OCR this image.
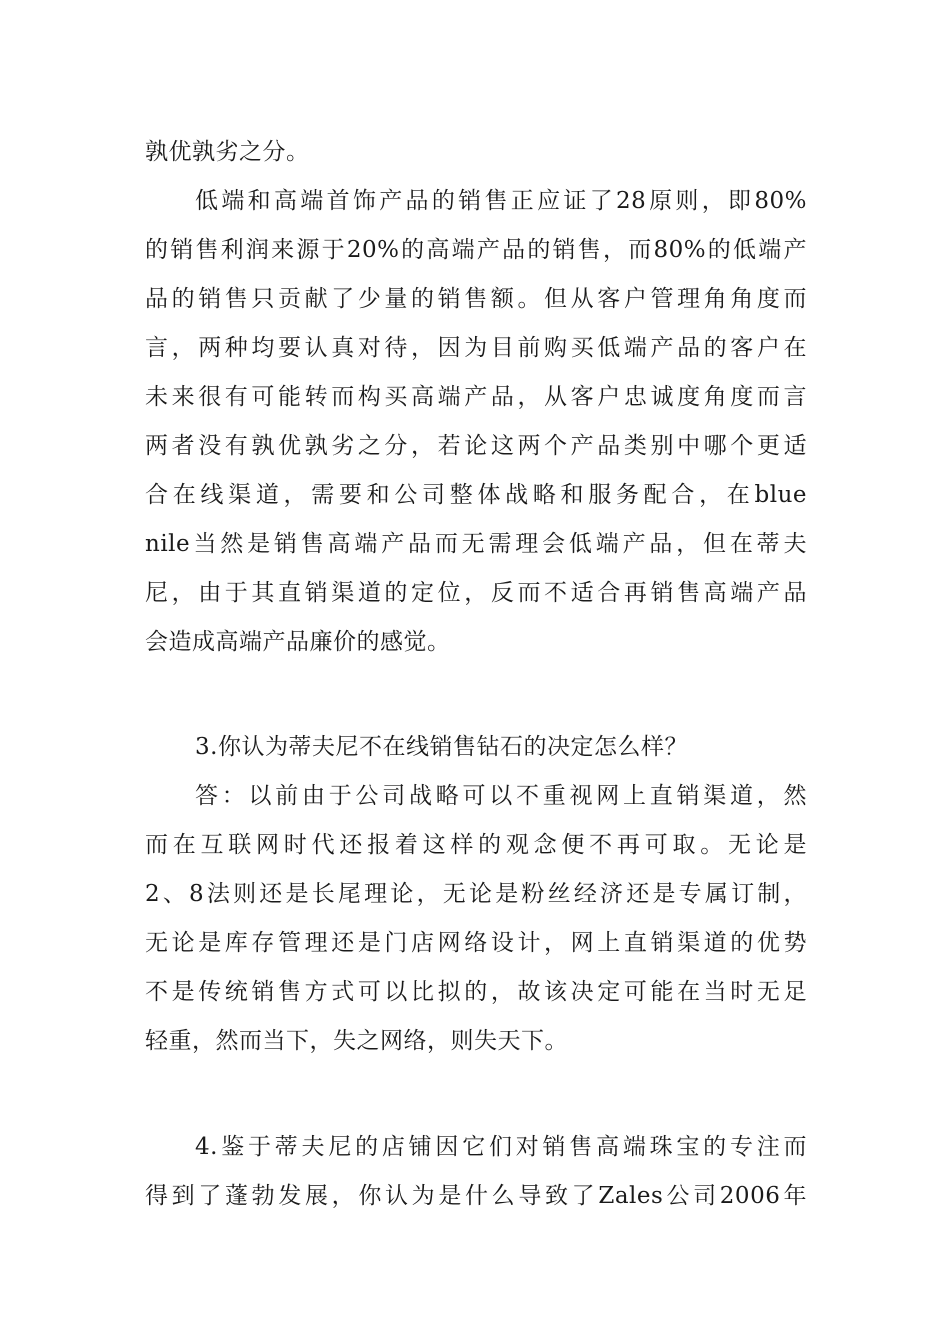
孰优孰劣之分。
低端和高端首饰产品的销售正应证了28原则，即80%
的销售利润来源于20%的高端产品的销售，而80%的低端产
品的销售只贡献了少量的销售额。但从客户管理角角度而
言，两种均要认真对待，因为目前购买低端产品的客户在
未来很有可能转而构买高端产品，从客户忠诚度角度而言
两者没有孰优孰劣之分，若论这两个产品类别中哪个更适
合在线渠道，需要和公司整体战略和服务配合，在blue
nile当然是销售高端产品而无需理会低端产品，但在蒂夫
尼，由于其直销渠道的定位，反而不适合再销售高端产品
会造成高端产品廉价的感觉。
3.你认为蒂夫尼不在线销售钻石的决定怎么样？
答：以前由于公司战略可以不重视网上直销渠道，然
而在互联网时代还报着这样的观念便不再可取。无论是
2、8法则还是长尾理论，无论是粉丝经济还是专属订制，
无论是库存管理还是门店网络设计，网上直销渠道的优势
不是传统销售方式可以比拟的，故该决定可能在当时无足
轻重，然而当下，失之网络，则失天下。
4.鉴于蒂夫尼的店铺因它们对销售高端珠宝的专注而
得到了蓬勃发展，你认为是什么导致了Zales公司2006年
